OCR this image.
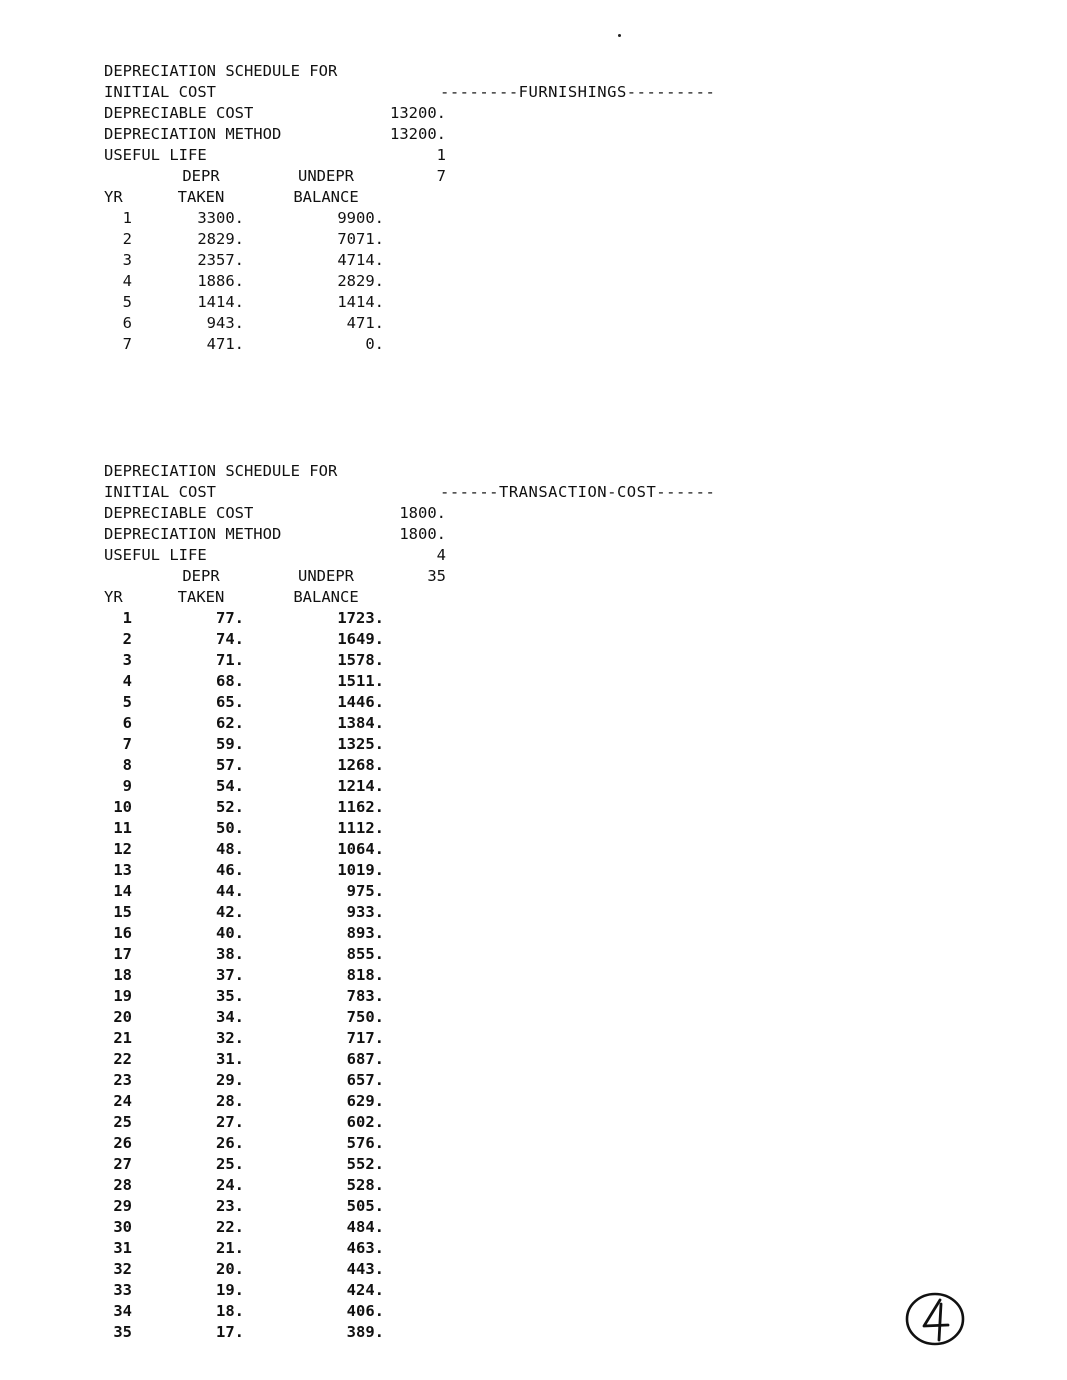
DEPRECIATION SCHEDULE FOR

--------FURNISHINGS---------

INITIAL COST

13200.

DEPRECIABLE COST

13200.

DEPRECIATION METHOD

1

USEFUL LIFE

7

DEPR	UNDEPR
YR	TAKEN	BALANCE
1	3300.	9900.
2	2829.	7071.
3	2357.	4714.
4	1886.	2829.
5	1414.	1414.
6	943.	471.
7	471.	0.

DEPRECIATION SCHEDULE FOR

------TRANSACTION-COST------

INITIAL COST

1800.

DEPRECIABLE COST

1800.

DEPRECIATION METHOD

4

USEFUL LIFE

35

DEPR	UNDEPR
YR	TAKEN	BALANCE
1	77.	1723.
2	74.	1649.
3	71.	1578.
4	68.	1511.
5	65.	1446.
6	62.	1384.
7	59.	1325.
8	57.	1268.
9	54.	1214.
10	52.	1162.
11	50.	1112.
12	48.	1064.
13	46.	1019.
14	44.	975.
15	42.	933.
16	40.	893.
17	38.	855.
18	37.	818.
19	35.	783.
20	34.	750.
21	32.	717.
22	31.	687.
23	29.	657.
24	28.	629.
25	27.	602.
26	26.	576.
27	25.	552.
28	24.	528.
29	23.	505.
30	22.	484.
31	21.	463.
32	20.	443.
33	19.	424.
34	18.	406.
35	17.	389.
